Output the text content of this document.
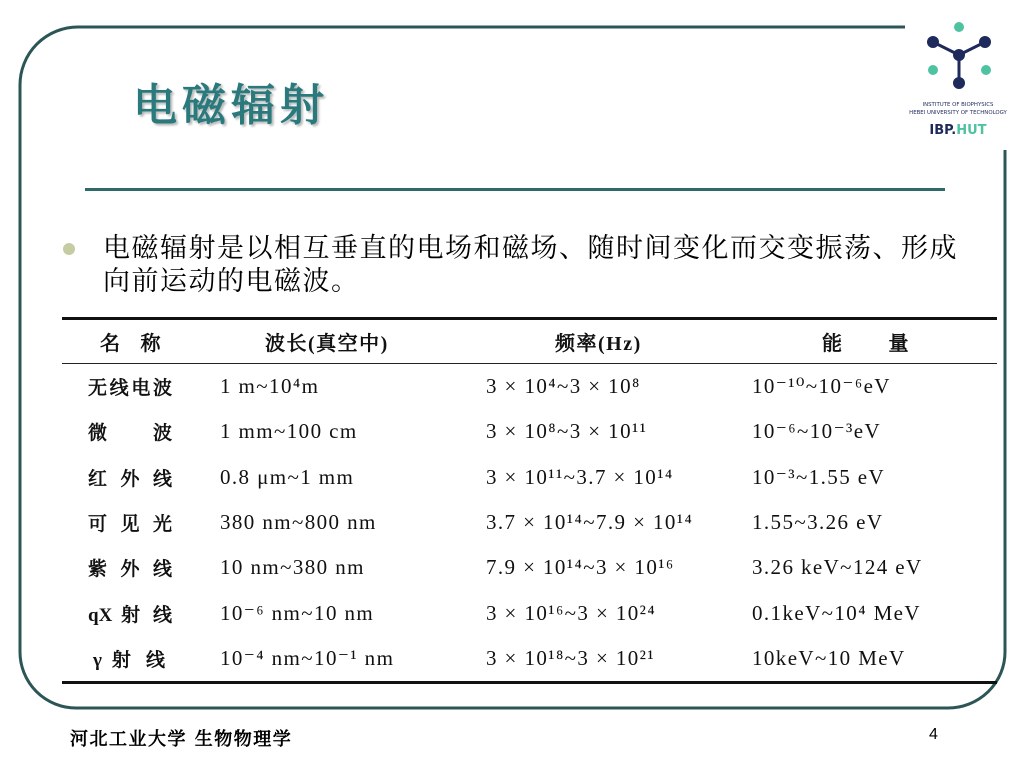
INSTITUTE OF BIOPHYSICS
HEBEI UNIVERSITY OF TECHNOLOGY
IBP.HUT
电磁辐射
电磁辐射是以相互垂直的电场和磁场、随时间变化而交变振荡、形成
向前运动的电磁波。
名 称	波长(真空中)	频率(Hz)	能 量
无线电波	1 m~10⁴m	3 × 10⁴~3 × 10⁸	10⁻¹⁰~10⁻⁶eV
微 波	1 mm~100 cm	3 × 10⁸~3 × 10¹¹	10⁻⁶~10⁻³eV
红 外 线	0.8 μm~1 mm	3 × 10¹¹~3.7 × 10¹⁴	10⁻³~1.55 eV
可 见 光	380 nm~800 nm	3.7 × 10¹⁴~7.9 × 10¹⁴	1.55~3.26 eV
紫 外 线	10 nm~380 nm	7.9 × 10¹⁴~3 × 10¹⁶	3.26 keV~124 eV
qX 射 线	10⁻⁶ nm~10 nm	3 × 10¹⁶~3 × 10²⁴	0.1keV~10⁴ MeV
γ 射 线	10⁻⁴ nm~10⁻¹ nm	3 × 10¹⁸~3 × 10²¹	10keV~10 MeV
河北工业大学 生物物理学	4
